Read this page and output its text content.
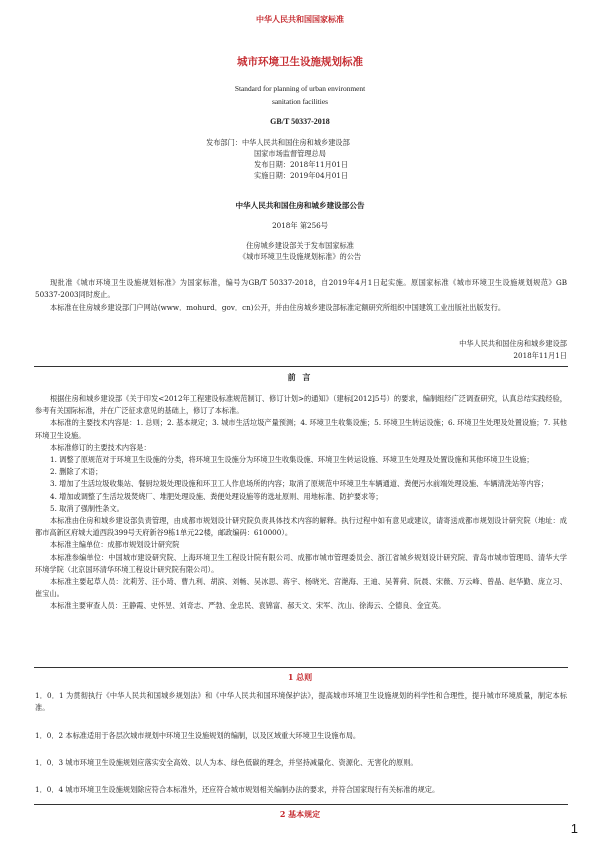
中华人民共和国国家标准
城市环境卫生设施规划标准
Standard for planning of urban environment
sanitation facilities
GB/T 50337-2018
发布部门：中华人民共和国住房和城乡建设部
国家市场监督管理总局
发布日期：2018年11月01日
实施日期：2019年04月01日
中华人民共和国住房和城乡建设部公告
2018年 第256号
住房城乡建设部关于发布国家标准
《城市环境卫生设施规划标准》的公告
现批准《城市环境卫生设施规划标准》为国家标准，编号为GB/T 50337-2018，自2019年4月1日起实施。原国家标准《城市环境卫生设施规划规范》GB 50337-2003同时废止。
本标准在住房城乡建设部门户网站(www．mohurd．gov．cn)公开，并由住房城乡建设部标准定额研究所组织中国建筑工业出版社出版发行。
中华人民共和国住房和城乡建设部
2018年11月1日
前 言

根据住房和城乡建设部《关于印发<2012年工程建设标准规范制订、修订计划>的通知》（建标[2012]5号）的要求，编制组经广泛调查研究，认真总结实践经验，参考有关国际标准，并在广泛征求意见的基础上，修订了本标准。

本标准的主要技术内容是：1. 总则；2. 基本规定；3. 城市生活垃圾产量预测；4. 环境卫生收集设施；5. 环境卫生转运设施；6. 环境卫生处理及处置设施；7. 其他环境卫生设施。

本标准修订的主要技术内容是：

1. 调整了原规范对于环境卫生设施的分类，将环境卫生设施分为环境卫生收集设施、环境卫生转运设施、环境卫生处理及处置设施和其他环境卫生设施；

2. 删除了术语；

3. 增加了生活垃圾收集站、餐厨垃圾处理设施和环卫工人作息场所的内容；取消了原规范中环境卫生车辆通道、粪便污水前端处理设施、车辆清洗站等内容；

4. 增加或调整了生活垃圾焚烧厂、堆肥处理设施、粪便处理设施等的选址原则、用地标准、防护要求等；

5. 取消了强制性条文。

本标准由住房和城乡建设部负责管理，由成都市规划设计研究院负责具体技术内容的解释。执行过程中如有意见或建议，请寄送成都市规划设计研究院（地址：成都市高新区府城大道西段399号天府新谷9栋1单元22楼，邮政编码：610000）。

本标准主编单位：成都市规划设计研究院

本标准参编单位：中国城市建设研究院、上海环境卫生工程设计院有限公司、成都市城市管理委员会、浙江省城乡规划设计研究院、青岛市城市管理局、清华大学环境学院（北京国环清华环境工程设计研究院有限公司）。

本标准主要起草人员：沈莉芳、汪小琦、曹九利、胡滨、刘畅、吴冰思、蒋宇、杨晓光、宫滟海、王迪、吴菁荷、阮晨、宋薇、万云峰、曾晶、赵华勤、庞立习、崔宝山。

本标准主要审查人员：王静霞、史怀昱、刘奇志、严勃、金忠民、袁锦富、郝天文、宋军、沈山、徐海云、仝德良、金宜英。

1 总则
1．0．1 为贯彻执行《中华人民共和国城乡规划法》和《中华人民共和国环境保护法》，提高城市环境卫生设施规划的科学性和合理性，提升城市环境质量，制定本标准。
1．0．2 本标准适用于各层次城市规划中环境卫生设施规划的编制，以及区域重大环境卫生设施布局。
1．0．3 城市环境卫生设施规划应落实安全高效、以人为本、绿色低碳的理念，并坚持减量化、资源化、无害化的原则。
1．0．4 城市环境卫生设施规划除应符合本标准外，还应符合城市规划相关编制办法的要求，并符合国家现行有关标准的规定。
2 基本规定
1
